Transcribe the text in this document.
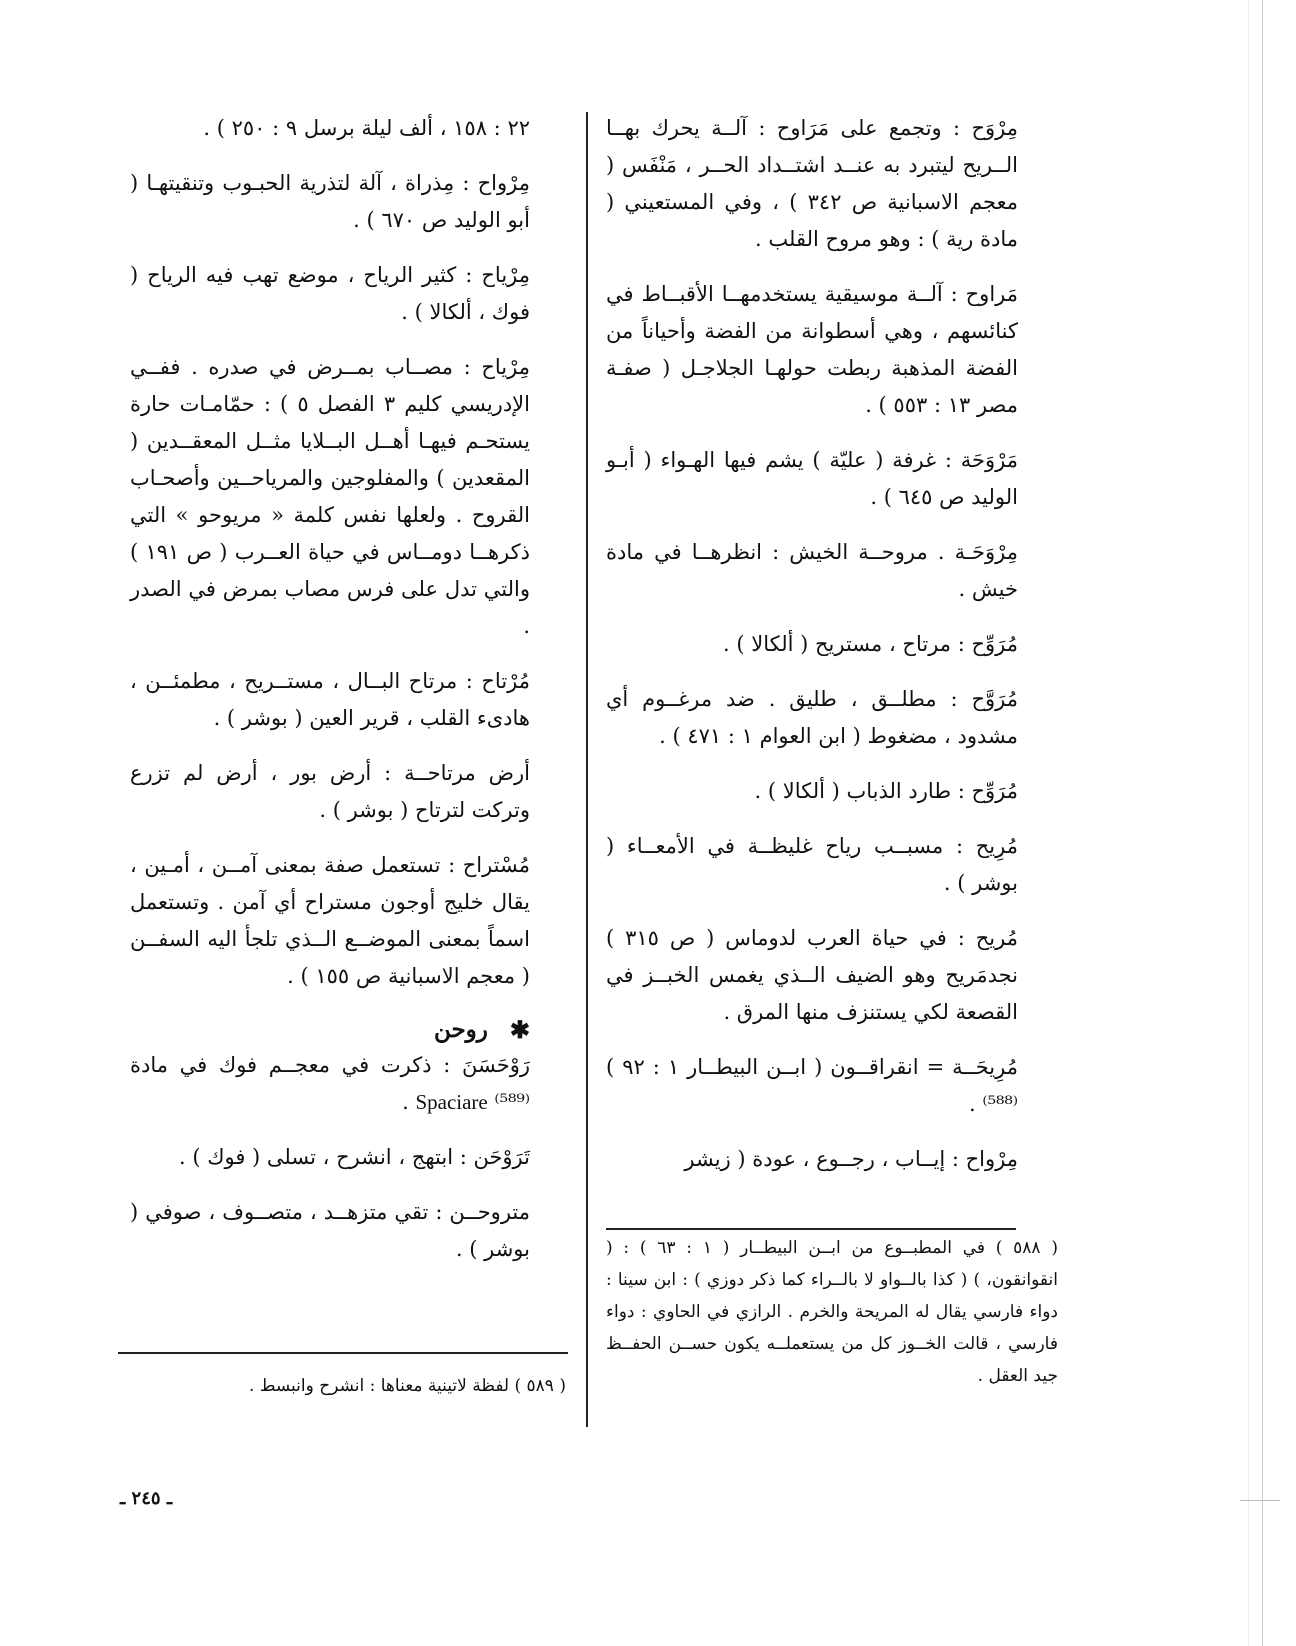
مِرْوَح : وتجمع على مَرَاوح : آلــة يحرك بهــا الــريح ليتبرد به عنــد اشتــداد الحــر ، مَنْفَس ( معجم الاسبانية ص ٣٤٢ ) ، وفي المستعيني ( مادة رية ) : وهو مروح القلب .

مَراوح : آلــة موسيقية يستخدمهــا الأقبــاط في كنائسهم ، وهي أسطوانة من الفضة وأحياناً من الفضة المذهبة ربطت حولهـا الجلاجـل ( صفـة مصر ١٣ : ٥٥٣ ) .

مَرْوَحَة : غرفة ( عليّة ) يشم فيها الهـواء ( أبـو الوليد ص ٦٤٥ ) .

مِرْوَحَـة . مروحــة الخيش : انظرهــا في مادة خيش .

مُرَوِّح : مرتاح ، مستريح ( ألكالا ) .

مُرَوَّح : مطلــق ، طليق . ضد مرغــوم أي مشدود ، مضغوط ( ابن العوام ١ : ٤٧١ ) .

مُرَوِّح : طارد الذباب ( ألكالا ) .

مُرِيح : مسبــب رياح غليظــة في الأمعــاء ( بوشر ) .

مُريح : في حياة العرب لدوماس ( ص ٣١٥ ) نجدمَريح وهو الضيف الــذي يغمس الخبــز في القصعة لكي يستنزف منها المرق .

مُرِيحَــة = انقراقــون ( ابــن البيطــار ١ : ٩٢ ) ⁽⁵⁸⁸⁾ .

مِرْواح : إيــاب ، رجــوع ، عودة ( زيشر

٢٢ : ١٥٨ ، ألف ليلة برسل ٩ : ٢٥٠ ) .

مِرْواح : مِذراة ، آلة لتذرية الحبـوب وتنقيتهـا ( أبو الوليد ص ٦٧٠ ) .

مِرْياح : كثير الرياح ، موضع تهب فيه الرياح ( فوك ، ألكالا ) .

مِرْياح : مصــاب بمــرض في صدره . ففــي الإدريسي كليم ٣ الفصل ٥ ) : حمّامـات حارة يستحـم فيهـا أهــل البــلايا مثــل المعقــدين ( المقعدين ) والمفلوجين والمرياحــين وأصحـاب القروح . ولعلها نفس كلمة « مريوحو » التي ذكرهــا دومــاس في حياة العــرب ( ص ١٩١ ) والتي تدل على فرس مصاب بمرض في الصدر .

مُرْتاح : مرتاح البــال ، مستــريح ، مطمئــن ، هادىء القلب ، قرير العين ( بوشر ) .

أرض مرتاحــة : أرض بور ، أرض لم تزرع وتركت لترتاح ( بوشر ) .

مُسْتراح : تستعمل صفة بمعنى آمــن ، أمـين ، يقال خليج أوجون مستراح أي آمن . وتستعمل اسماً بمعنى الموضــع الــذي تلجأ اليه السفــن ( معجم الاسبانية ص ١٥٥ ) .

✱
روحن

رَوْحَسَنَ : ذكرت في معجــم فوك في مادة Spaciare ⁽⁵⁸⁹⁾ .

تَرَوْحَن : ابتهج ، انشرح ، تسلى ( فوك ) .

متروحــن : تقي متزهــد ، متصــوف ، صوفي ( بوشر ) .	( ٥٨٨ ) في المطبــوع من ابــن البيطــار ( ١ : ٦٣ ) : ( انقوانقون، ) ( كذا بالــواو لا بالــراء كما ذكر دوزي ) : ابن سينا : دواء فارسي يقال له المريحة والخرم . الرازي في الحاوي : دواء فارسي ، قالت الخــوز كل من يستعملــه يكون حســن الحفــظ جيد العقل .
( ٥٨٩ ) لفظة لاتينية معناها : انشرح وانبسط .
ـ ٢٤٥ ـ
